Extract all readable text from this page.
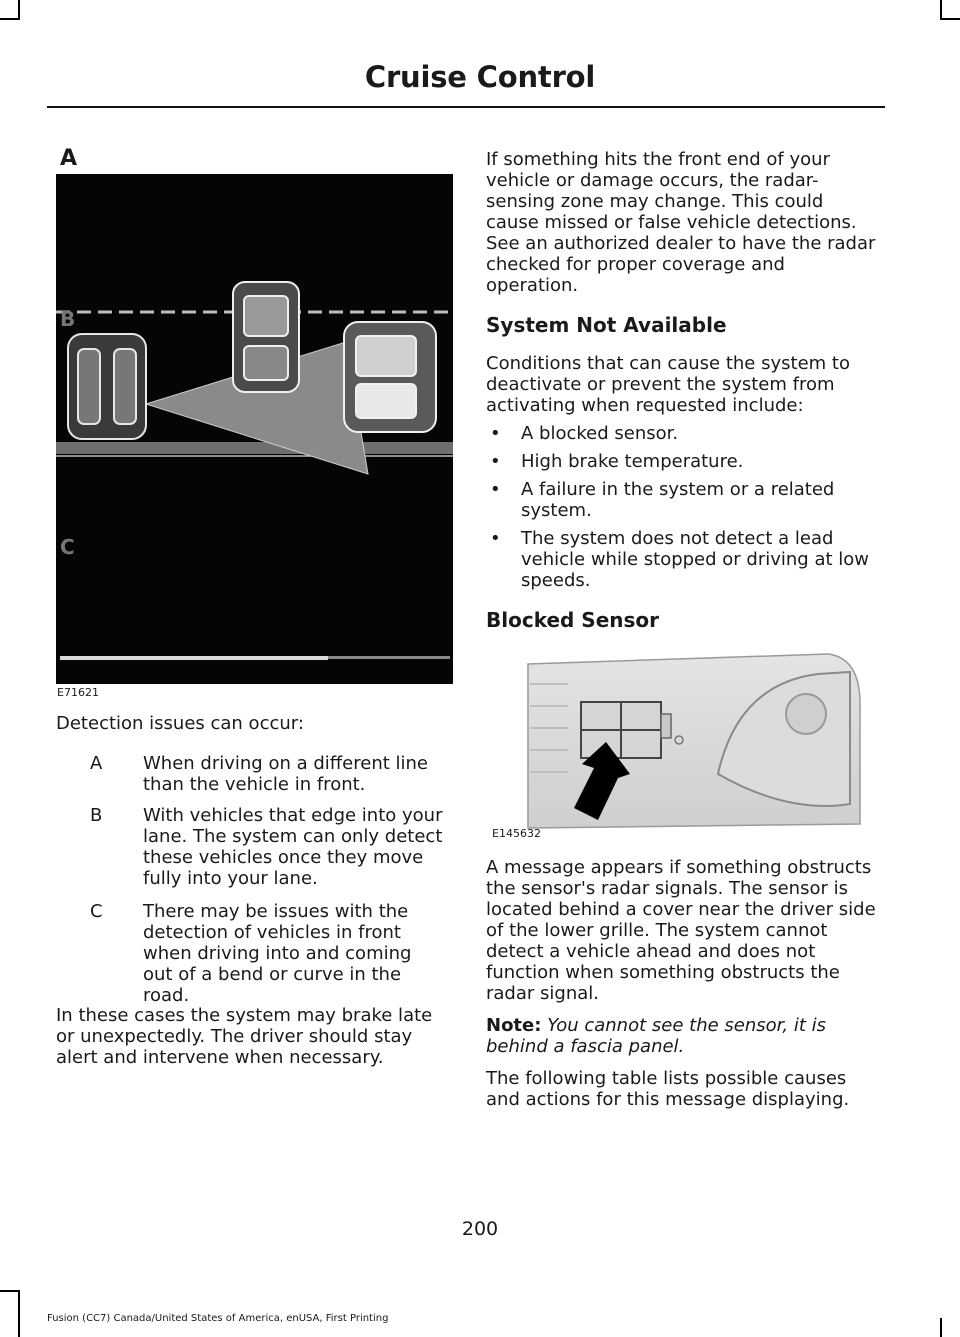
Cruise Control
A
B
C
E71621
Detection issues can occur:
A When driving on a different line than the vehicle in front.
B With vehicles that edge into your lane. The system can only detect these vehicles once they move fully into your lane.
C There may be issues with the detection of vehicles in front when driving into and coming out of a bend or curve in the road.
In these cases the system may brake late or unexpectedly. The driver should stay alert and intervene when necessary.
If something hits the front end of your vehicle or damage occurs, the radar-sensing zone may change. This could cause missed or false vehicle detections. See an authorized dealer to have the radar checked for proper coverage and operation.
System Not Available
Conditions that can cause the system to deactivate or prevent the system from activating when requested include:
• A blocked sensor.
• High brake temperature.
• A failure in the system or a related system.
• The system does not detect a lead vehicle while stopped or driving at low speeds.
Blocked Sensor
E145632
A message appears if something obstructs the sensor's radar signals. The sensor is located behind a cover near the driver side of the lower grille. The system cannot detect a vehicle ahead and does not function when something obstructs the radar signal.
Note: You cannot see the sensor, it is behind a fascia panel.
The following table lists possible causes and actions for this message displaying.
200
Fusion (CC7) Canada/United States of America, enUSA, First Printing
